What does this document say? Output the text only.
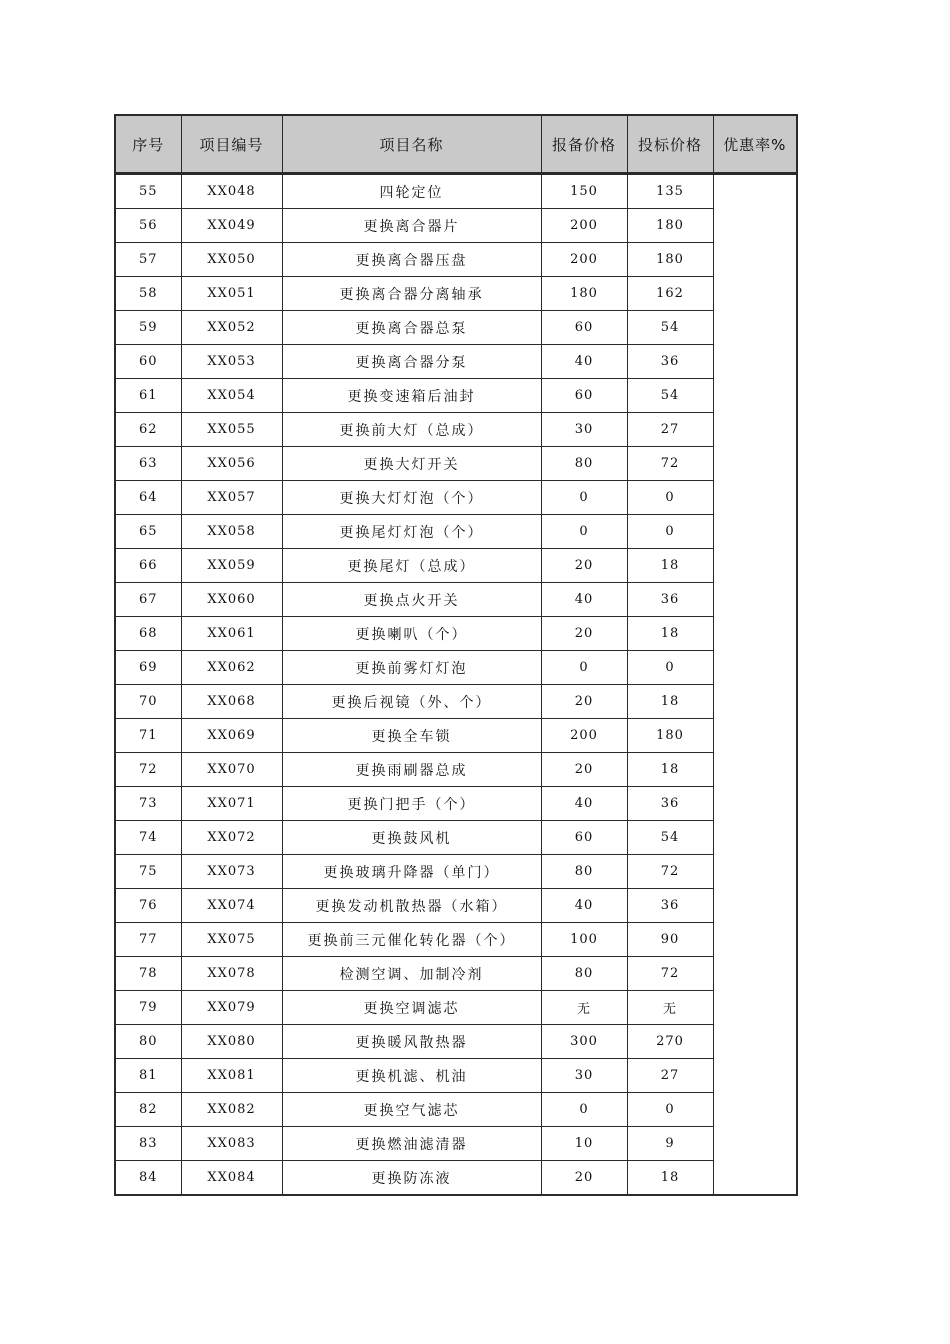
序号	项目编号	项目名称	报备价格	投标价格	优惠率%
55	XX048	四轮定位	150	135	
56	XX049	更换离合器片	200	180	
57	XX050	更换离合器压盘	200	180	
58	XX051	更换离合器分离轴承	180	162	
59	XX052	更换离合器总泵	60	54	
60	XX053	更换离合器分泵	40	36	
61	XX054	更换变速箱后油封	60	54	
62	XX055	更换前大灯（总成）	30	27	
63	XX056	更换大灯开关	80	72	
64	XX057	更换大灯灯泡（个）	0	0	
65	XX058	更换尾灯灯泡（个）	0	0	
66	XX059	更换尾灯（总成）	20	18	
67	XX060	更换点火开关	40	36	
68	XX061	更换喇叭（个）	20	18	
69	XX062	更换前雾灯灯泡	0	0	
70	XX068	更换后视镜（外、个）	20	18	
71	XX069	更换全车锁	200	180	
72	XX070	更换雨刷器总成	20	18	
73	XX071	更换门把手（个）	40	36	
74	XX072	更换鼓风机	60	54	
75	XX073	更换玻璃升降器（单门）	80	72	
76	XX074	更换发动机散热器（水箱）	40	36	
77	XX075	更换前三元催化转化器（个）	100	90	
78	XX078	检测空调、加制冷剂	80	72	
79	XX079	更换空调滤芯	无	无	
80	XX080	更换暖风散热器	300	270	
81	XX081	更换机滤、机油	30	27	
82	XX082	更换空气滤芯	0	0	
83	XX083	更换燃油滤清器	10	9	
84	XX084	更换防冻液	20	18	
